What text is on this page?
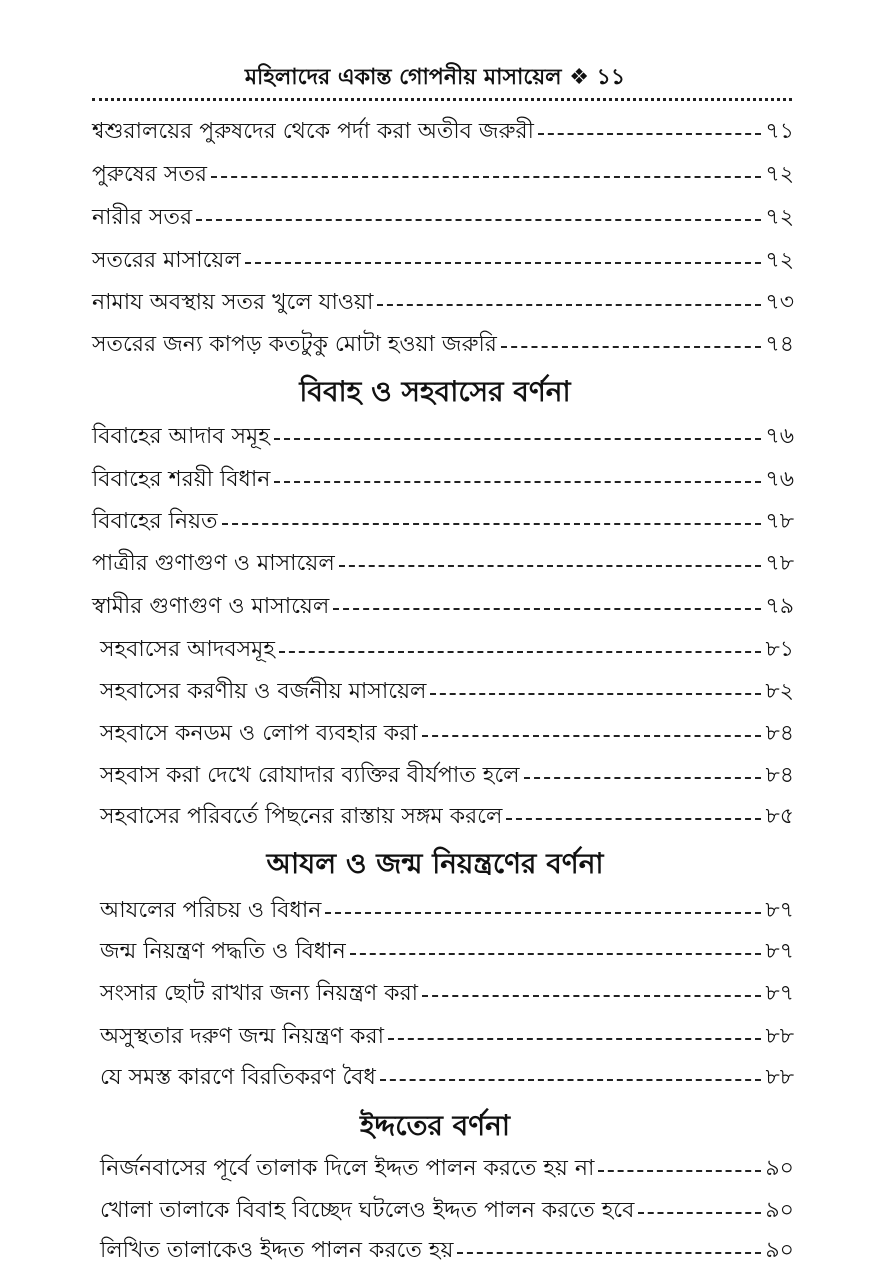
মহিলাদের একান্ত গোপনীয় মাসায়েল ❖ ১১
শ্বশুরালয়ের পুরুষদের থেকে পর্দা করা অতীব জরুরী	৭১
পুরুষের সতর	৭২
নারীর সতর	৭২
সতরের মাসায়েল	৭২
নামায অবস্থায় সতর খুলে যাওয়া	৭৩
সতরের জন্য কাপড় কতটুকু মোটা হওয়া জরুরি	৭৪
বিবাহ ও সহবাসের বর্ণনা
বিবাহের আদাব সমূহ	৭৬
বিবাহের শরয়ী বিধান	৭৬
বিবাহের নিয়ত	৭৮
পাত্রীর গুণাগুণ ও মাসায়েল	৭৮
স্বামীর গুণাগুণ ও মাসায়েল	৭৯
সহবাসের আদবসমূহ	৮১
সহবাসের করণীয় ও বর্জনীয় মাসায়েল	৮২
সহবাসে কনডম ও লোপ ব্যবহার করা	৮৪
সহবাস করা দেখে রোযাদার ব্যক্তির বীর্যপাত হলে	৮৪
সহবাসের পরিবর্তে পিছনের রাস্তায় সঙ্গম করলে	৮৫
আযল ও জন্ম নিয়ন্ত্রণের বর্ণনা
আযলের পরিচয় ও বিধান	৮৭
জন্ম নিয়ন্ত্রণ পদ্ধতি ও বিধান	৮৭
সংসার ছোট রাখার জন্য নিয়ন্ত্রণ করা	৮৭
অসুস্থতার দরুণ জন্ম নিয়ন্ত্রণ করা	৮৮
যে সমস্ত কারণে বিরতিকরণ বৈধ	৮৮
ইদ্দতের বর্ণনা
নির্জনবাসের পূর্বে তালাক দিলে ইদ্দত পালন করতে হয় না	৯০
খোলা তালাকে বিবাহ বিচ্ছেদ ঘটলেও ইদ্দত পালন করতে হবে	৯০
লিখিত তালাকেও ইদ্দত পালন করতে হয়	৯০
